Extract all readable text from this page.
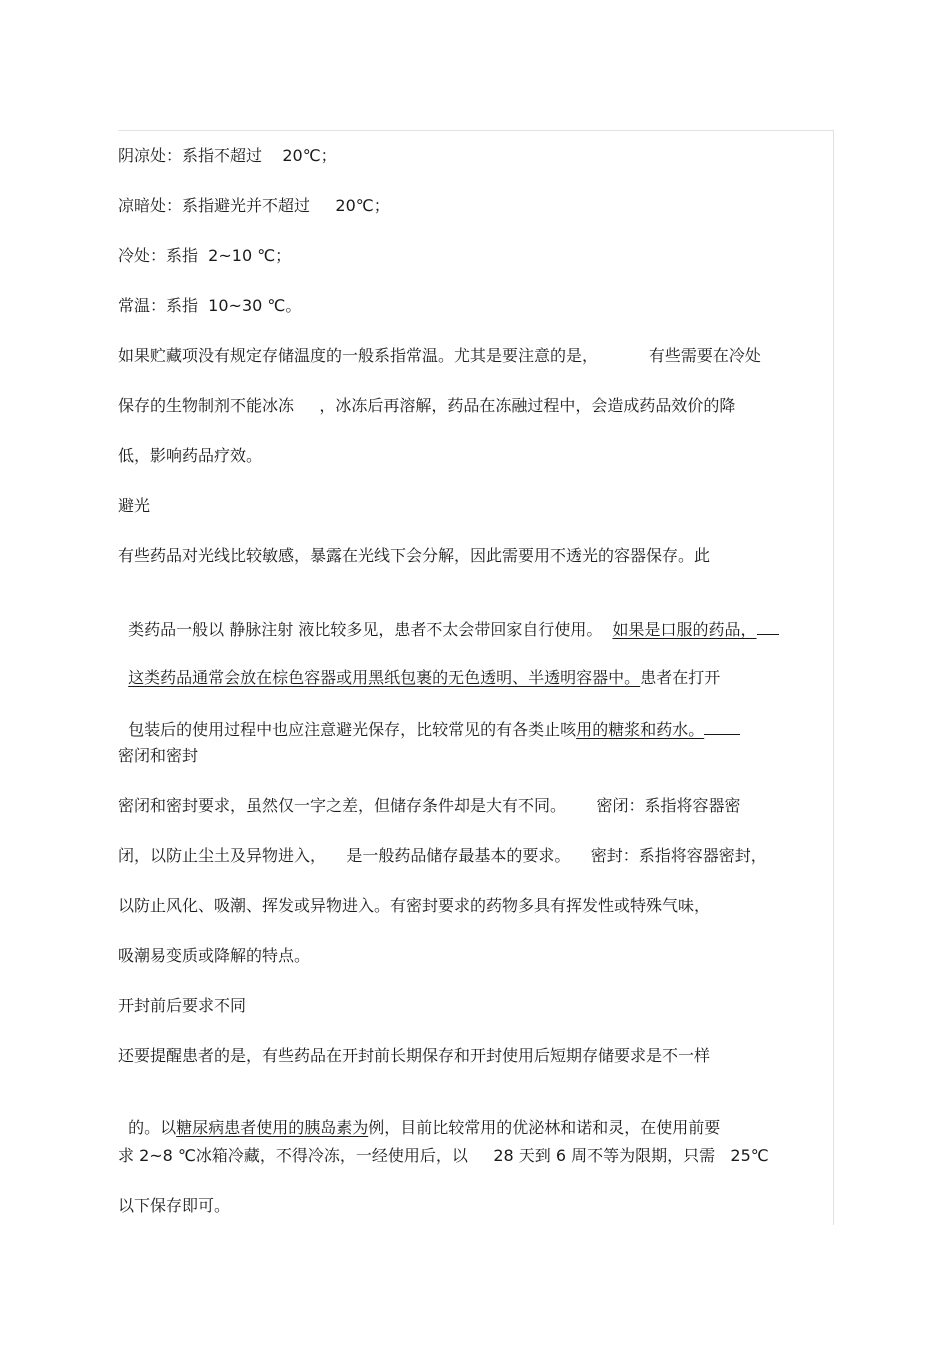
阴凉处：系指不超过    20℃；
凉暗处：系指避光并不超过     20℃；
冷处：系指  2~10 ℃；
常温：系指  10~30 ℃。
如果贮藏项没有规定存储温度的一般系指常温。尤其是要注意的是，          有些需要在冷处
保存的生物制剂不能冰冻     ，冰冻后再溶解，药品在冻融过程中，会造成药品效价的降
低，影响药品疗效。
避光
有些药品对光线比较敏感，暴露在光线下会分解，因此需要用不透光的容器保存。此

类药品一般以 静脉注射 液比较多见，患者不太会带回家自行使用。  如果是口服的药品，

这类药品通常会放在棕色容器或用黑纸包裹的无色透明、半透明容器中。患者在打开

包装后的使用过程中也应注意避光保存，比较常见的有各类止咳用的糖浆和药水。

密闭和密封
密闭和密封要求，虽然仅一字之差，但储存条件却是大有不同。      密闭：系指将容器密
闭，以防止尘土及异物进入，    是一般药品储存最基本的要求。    密封：系指将容器密封，
以防止风化、吸潮、挥发或异物进入。有密封要求的药物多具有挥发性或特殊气味，
吸潮易变质或降解的特点。
开封前后要求不同
还要提醒患者的是，有些药品在开封前长期保存和开封使用后短期存储要求是不一样

的。以糖尿病患者使用的胰岛素为例，目前比较常用的优泌林和诺和灵，在使用前要

求 2~8 ℃冰箱冷藏，不得冷冻，一经使用后，以     28 天到 6 周不等为限期，只需   25℃
以下保存即可。
